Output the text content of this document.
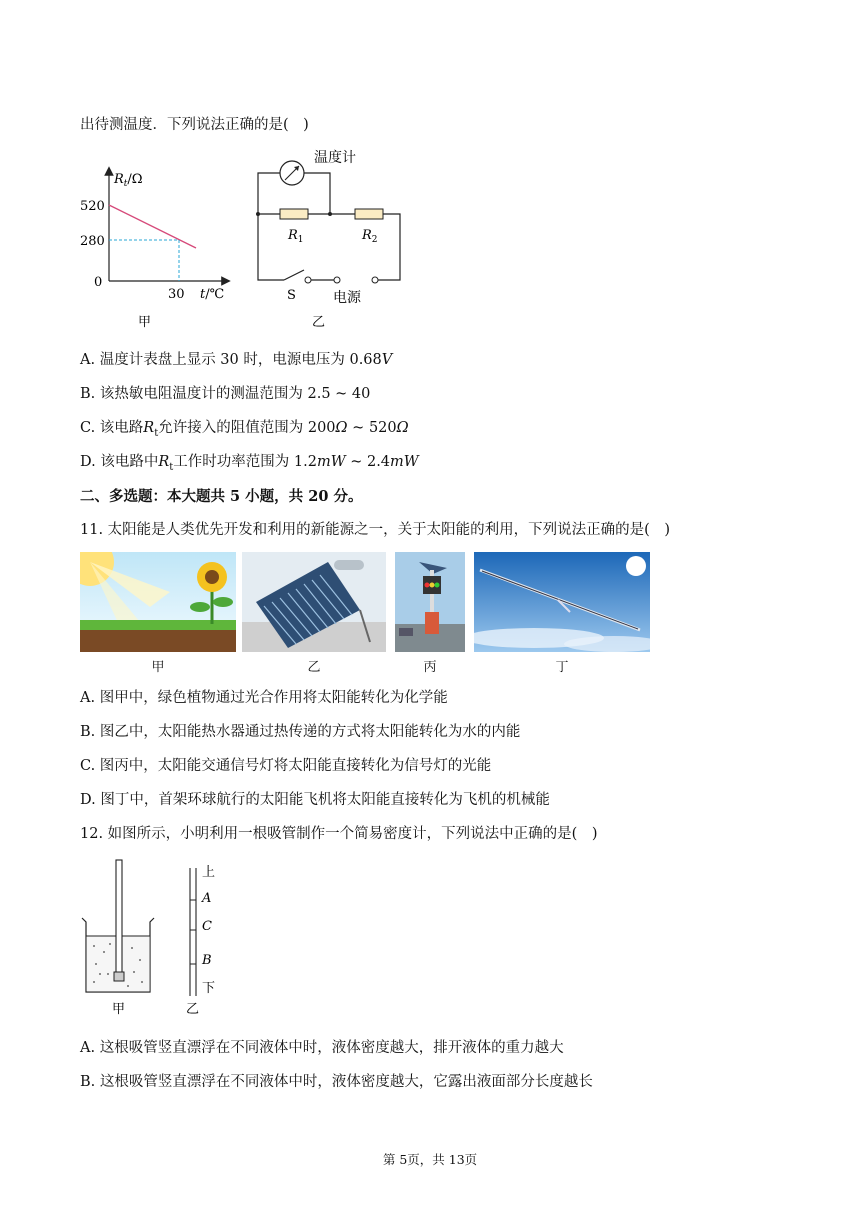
出待测温度．下列说法正确的是(　)
$R_t/\Omega$
520
280
0
30 t/℃
甲
温度计
$R_1$	$R_2$
S	电源
乙
A. 温度计表盘上显示 30 时，电源电压为 0.68V
B. 该热敏电阻温度计的测温范围为 2.5 ~ 40
C. 该电路$R_t$允许接入的阻值范围为 200Ω ~ 520Ω
D. 该电路中$R_t$工作时功率范围为 1.2mW ~ 2.4mW
二、多选题：本大题共 5 小题，共 20 分。
11. 太阳能是人类优先开发和利用的新能源之一，关于太阳能的利用，下列说法正确的是(　)
甲	乙	丙	丁
A. 图甲中，绿色植物通过光合作用将太阳能转化为化学能
B. 图乙中，太阳能热水器通过热传递的方式将太阳能转化为水的内能
C. 图丙中，太阳能交通信号灯将太阳能直接转化为信号灯的光能
D. 图丁中，首架环球航行的太阳能飞机将太阳能直接转化为飞机的机械能
12. 如图所示，小明利用一根吸管制作一个简易密度计，下列说法中正确的是(　)
甲
上
A
C
B
下
乙
A. 这根吸管竖直漂浮在不同液体中时，液体密度越大，排开液体的重力越大
B. 这根吸管竖直漂浮在不同液体中时，液体密度越大，它露出液面部分长度越长
第 5页，共 13页
